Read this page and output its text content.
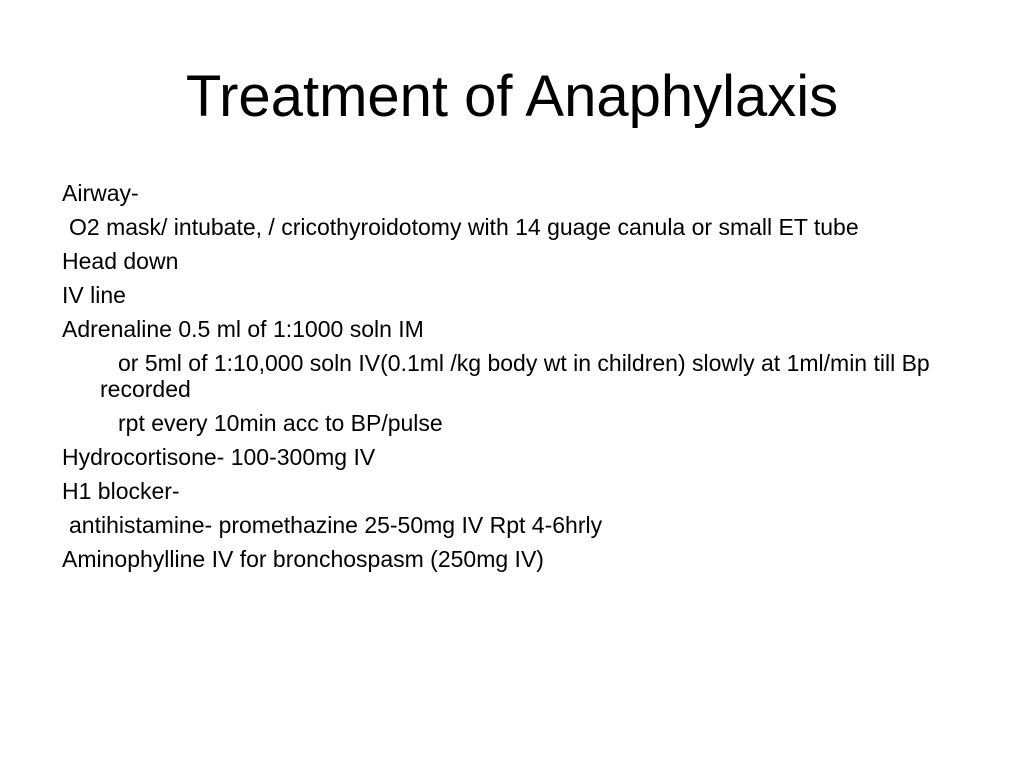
Treatment of Anaphylaxis

Airway-

O2 mask/ intubate, / cricothyroidotomy with 14 guage canula or small ET tube

Head down

IV line

Adrenaline 0.5 ml of 1:1000 soln IM

or 5ml of 1:10,000 soln IV(0.1ml /kg body wt in children) slowly at 1ml/min till Bp recorded

rpt every 10min acc to BP/pulse

Hydrocortisone- 100-300mg IV

H1 blocker-

antihistamine- promethazine 25-50mg IV Rpt 4-6hrly

Aminophylline IV for bronchospasm (250mg IV)
